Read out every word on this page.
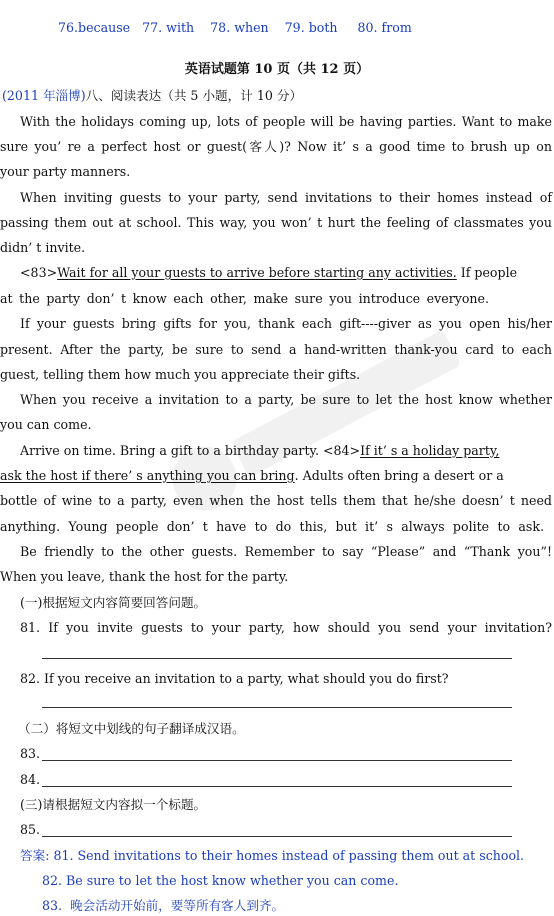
76.because   77. with    78. when    79. both     80. from
英语试题第 10 页（共 12 页）
(2011 年淄博)八、阅读表达（共 5 小题，计 10 分）
With the holidays coming up, lots of people will be having parties. Want to make
sure you’ re a perfect host or guest(客人)? Now it’ s a good time to brush up on
your party manners.
When inviting guests to your party, send invitations to their homes instead of
passing them out at school. This way, you won’ t hurt the feeling of classmates you
didn’ t invite.
<83>Wait for all your guests to arrive before starting any activities. If people
at the party don’ t know each other, make sure you introduce everyone.
If your guests bring gifts for you, thank each gift----giver as you open his/her
present. After the party, be sure to send a hand-written thank-you card to each
guest, telling them how much you appreciate their gifts.
When you receive a invitation to a party, be sure to let the host know whether
you can come.
Arrive on time. Bring a gift to a birthday party. <84>If it’ s a holiday party,
ask the host if there’ s anything you can bring. Adults often bring a desert or a
bottle of wine to a party, even when the host tells them that he/she doesn’ t need
anything. Young people don’ t have to do this, but it’ s always polite to ask.
Be friendly to the other guests. Remember to say “Please” and “Thank you”!
When you leave, thank the host for the party.
(一)根据短文内容简要回答问题。
81. If you invite guests to your party, how should you send your invitation?
82. If you receive an invitation to a party, what should you do first?
（二）将短文中划线的句子翻译成汉语。
83.
84.
(三)请根据短文内容拟一个标题。
85.
答案: 81. Send invitations to their homes instead of passing them out at school.
82. Be sure to let the host know whether you can come.
83.  晚会活动开始前，要等所有客人到齐。
